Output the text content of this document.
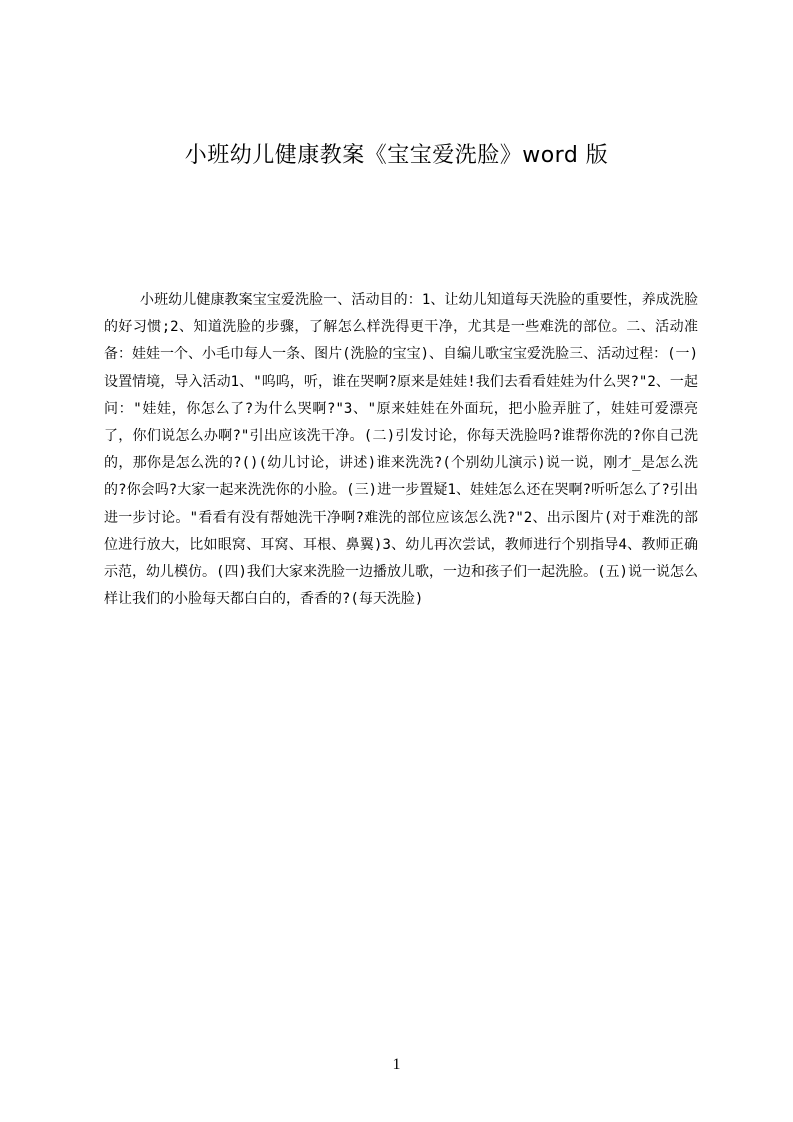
小班幼儿健康教案《宝宝爱洗脸》word 版

小班幼儿健康教案宝宝爱洗脸一、活动目的：1、让幼儿知道每天洗脸的重要性，养成洗脸的好习惯;2、知道洗脸的步骤，了解怎么样洗得更干净，尤其是一些难洗的部位。二、活动准备：娃娃一个、小毛巾每人一条、图片(洗脸的宝宝)、自编儿歌宝宝爱洗脸三、活动过程：(一)设置情境，导入活动1、"呜呜，听，谁在哭啊?原来是娃娃!我们去看看娃娃为什么哭?"2、一起问："娃娃，你怎么了?为什么哭啊?"3、"原来娃娃在外面玩，把小脸弄脏了，娃娃可爱漂亮了，你们说怎么办啊?"引出应该洗干净。(二)引发讨论，你每天洗脸吗?谁帮你洗的?你自己洗的，那你是怎么洗的?()(幼儿讨论，讲述)谁来洗洗?(个别幼儿演示)说一说，刚才_是怎么洗的?你会吗?大家一起来洗洗你的小脸。(三)进一步置疑1、娃娃怎么还在哭啊?听听怎么了?引出进一步讨论。"看看有没有帮她洗干净啊?难洗的部位应该怎么洗?"2、出示图片(对于难洗的部位进行放大，比如眼窝、耳窝、耳根、鼻翼)3、幼儿再次尝试，教师进行个别指导4、教师正确示范，幼儿模仿。(四)我们大家来洗脸一边播放儿歌，一边和孩子们一起洗脸。(五)说一说怎么样让我们的小脸每天都白白的，香香的?(每天洗脸)

1
